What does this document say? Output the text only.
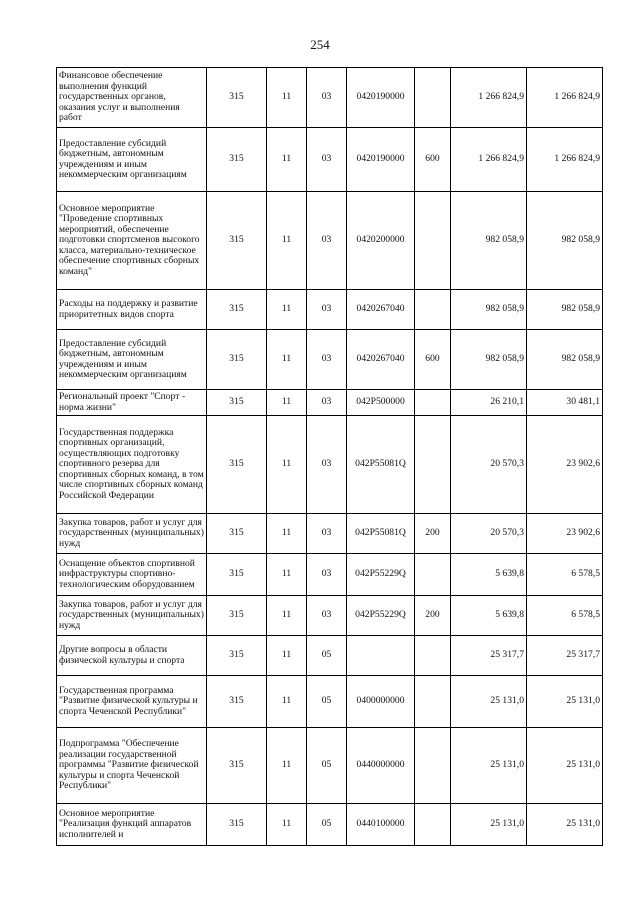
254
Финансовое обеспечение выполнения функций государственных органов, оказания услуг и выполнения работ	315	11	03	0420190000		1 266 824,9	1 266 824,9
Предоставление субсидий бюджетным, автономным учреждениям и иным некоммерческим организациям	315	11	03	0420190000	600	1 266 824,9	1 266 824,9
Основное мероприятие "Проведение спортивных мероприятий, обеспечение подготовки спортсменов высокого класса, материально-техническое обеспечение спортивных сборных команд"	315	11	03	0420200000		982 058,9	982 058,9
Расходы на поддержку и развитие приоритетных видов спорта	315	11	03	0420267040		982 058,9	982 058,9
Предоставление субсидий бюджетным, автономным учреждениям и иным некоммерческим организациям	315	11	03	0420267040	600	982 058,9	982 058,9
Региональный проект "Спорт - норма жизни"	315	11	03	042P500000		26 210,1	30 481,1
Государственная поддержка спортивных организаций, осуществляющих подготовку спортивного резерва для спортивных сборных команд, в том числе спортивных сборных команд Российской Федерации	315	11	03	042P55081Q		20 570,3	23 902,6
Закупка товаров, работ и услуг для государственных (муниципальных) нужд	315	11	03	042P55081Q	200	20 570,3	23 902,6
Оснащение объектов спортивной инфраструктуры спортивно-технологическим оборудованием	315	11	03	042P55229Q		5 639,8	6 578,5
Закупка товаров, работ и услуг для государственных (муниципальных) нужд	315	11	03	042P55229Q	200	5 639,8	6 578,5
Другие вопросы в области физической культуры и спорта	315	11	05			25 317,7	25 317,7
Государственная программа "Развитие физической культуры и спорта Чеченской Республики"	315	11	05	0400000000		25 131,0	25 131,0
Подпрограмма "Обеспечение реализации государственной программы "Развитие физической культуры и спорта Чеченской Республики"	315	11	05	0440000000		25 131,0	25 131,0
Основное мероприятие "Реализация функций аппаратов исполнителей и	315	11	05	0440100000		25 131,0	25 131,0
